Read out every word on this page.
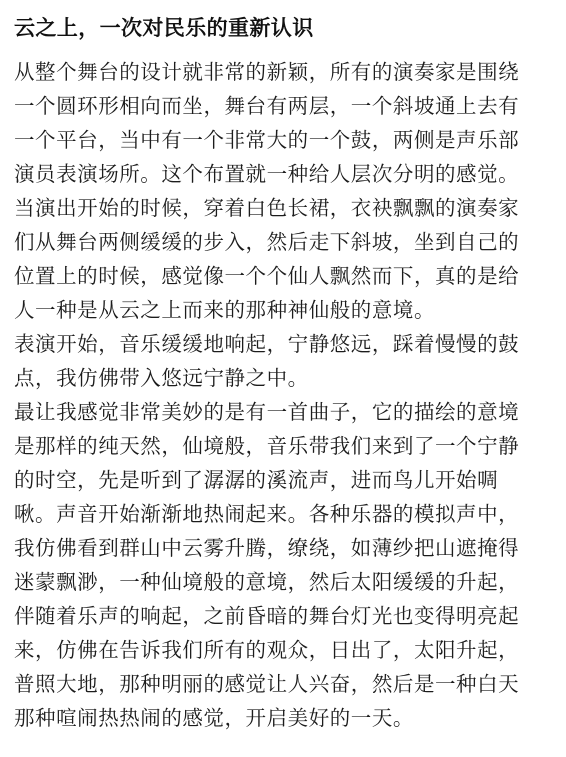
云之上，一次对民乐的重新认识
从整个舞台的设计就非常的新颖，所有的演奏家是围绕
一个圆环形相向而坐，舞台有两层，一个斜坡通上去有
一个平台，当中有一个非常大的一个鼓，两侧是声乐部
演员表演场所。这个布置就一种给人层次分明的感觉。
当演出开始的时候，穿着白色长裙，衣袂飘飘的演奏家
们从舞台两侧缓缓的步入，然后走下斜坡，坐到自己的
位置上的时候，感觉像一个个仙人飘然而下，真的是给
人一种是从云之上而来的那种神仙般的意境。
表演开始，音乐缓缓地响起，宁静悠远，踩着慢慢的鼓
点，我仿佛带入悠远宁静之中。
最让我感觉非常美妙的是有一首曲子，它的描绘的意境
是那样的纯天然，仙境般，音乐带我们来到了一个宁静
的时空，先是听到了潺潺的溪流声，进而鸟儿开始啁
啾。声音开始渐渐地热闹起来。各种乐器的模拟声中，
我仿佛看到群山中云雾升腾，缭绕，如薄纱把山遮掩得
迷蒙飘渺，一种仙境般的意境，然后太阳缓缓的升起，
伴随着乐声的响起，之前昏暗的舞台灯光也变得明亮起
来，仿佛在告诉我们所有的观众，日出了，太阳升起，
普照大地，那种明丽的感觉让人兴奋，然后是一种白天
那种喧闹热热闹的感觉，开启美好的一天。
